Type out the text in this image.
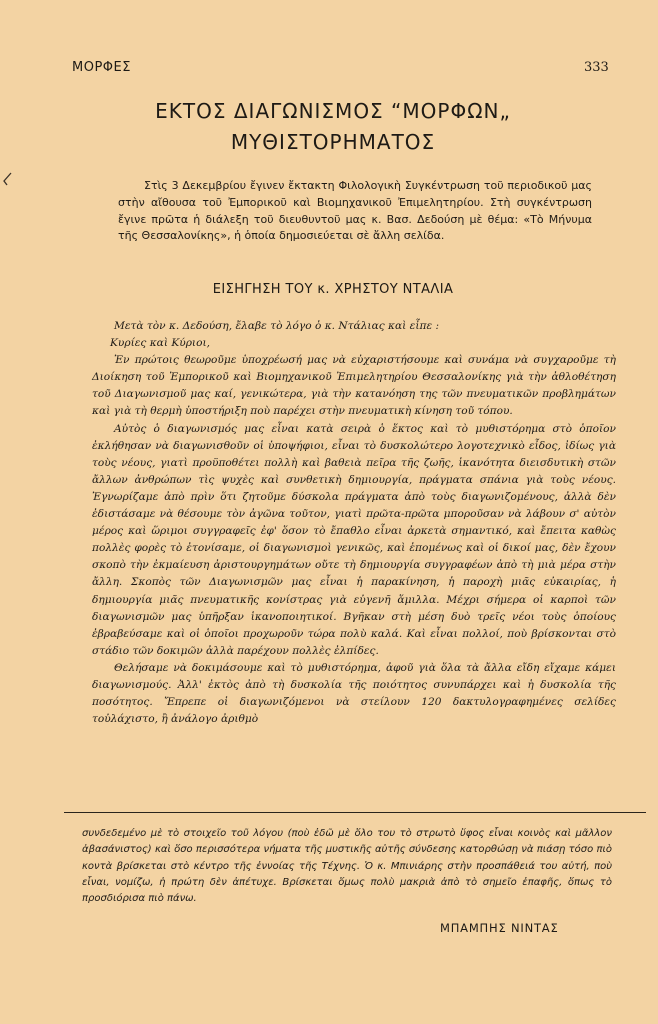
ΜΟΡΦΕΣ	333
ΕΚΤΟΣ ΔΙΑΓΩΝΙΣΜΟΣ “ΜΟΡΦΩΝ„
ΜΥΘΙΣΤΟΡΗΜΑΤΟΣ

Στὶς 3 Δεκεμβρίου ἔγινεν ἔκτακτη Φιλολογικὴ Συγκέντρωση τοῦ περιοδικοῦ μας στὴν αἴθουσα τοῦ Ἐμπορικοῦ καὶ Βιομηχανικοῦ Ἐπιμελητηρίου. Στὴ συγκέντρωση ἔγινε πρῶτα ἡ διάλεξη τοῦ διευθυντοῦ μας κ. Βασ. Δεδούση μὲ θέμα: «Τὸ Μήνυμα τῆς Θεσσαλονίκης», ἡ ὁποία δημοσιεύεται σὲ ἄλλη σελίδα.

ΕΙΣΗΓΗΣΗ ΤΟΥ κ. ΧΡΗΣΤΟΥ ΝΤΑΛΙΑ

Μετὰ τὸν κ. Δεδούση, ἔλαβε τὸ λόγο ὁ κ. Ντάλιας καὶ εἶπε :

Κυρίες καὶ Κύριοι,

Ἐν πρώτοις θεωροῦμε ὑποχρέωσή μας νὰ εὐχαριστήσουμε καὶ συνάμα νὰ συγχαροῦμε τὴ Διοίκηση τοῦ Ἐμπορικοῦ καὶ Βιομηχανικοῦ Ἐπιμελητηρίου Θεσσαλονίκης γιὰ τὴν ἀθλοθέτηση τοῦ Διαγωνισμοῦ μας καί, γενικώτερα, γιὰ τὴν κατανόηση της τῶν πνευματικῶν προβλημάτων καὶ γιὰ τὴ θερμὴ ὑποστήριξη ποὺ παρέχει στὴν πνευματικὴ κίνηση τοῦ τόπου.

Αὐτὸς ὁ διαγωνισμός μας εἶναι κατὰ σειρὰ ὁ ἕκτος καὶ τὸ μυθιστόρημα στὸ ὁποῖον ἐκλήθησαν νὰ διαγωνισθοῦν οἱ ὑποψήφιοι, εἶναι τὸ δυσκολώτερο λογοτεχνικὸ εἶδος, ἰδίως γιὰ τοὺς νέους, γιατὶ προϋποθέτει πολλὴ καὶ βαθειὰ πεῖρα τῆς ζωῆς, ἱκανότητα διεισδυτικὴ στῶν ἄλλων ἀνθρώπων τὶς ψυχὲς καὶ συνθετικὴ δημιουργία, πράγματα σπάνια γιὰ τοὺς νέους. Ἐγνωρίζαμε ἀπὸ πρὶν ὅτι ζητοῦμε δύσκολα πράγματα ἀπὸ τοὺς διαγωνιζομένους, ἀλλὰ δὲν ἐδιστάσαμε νὰ θέσουμε τὸν ἀγῶνα τοῦτον, γιατὶ πρῶτα-πρῶτα μποροῦσαν νὰ λάβουν σ' αὐτὸν μέρος καὶ ὥριμοι συγγραφεῖς ἐφ' ὅσον τὸ ἔπαθλο εἶναι ἀρκετὰ σημαντικό, καὶ ἔπειτα καθὼς πολλὲς φορὲς τὸ ἐτονίσαμε, οἱ διαγωνισμοὶ γενικῶς, καὶ ἑπομένως καὶ οἱ δικοί μας, δὲν ἔχουν σκοπὸ τὴν ἐκμαίευση ἀριστουργημάτων οὔτε τὴ δημιουργία συγγραφέων ἀπὸ τὴ μιὰ μέρα στὴν ἄλλη. Σκοπὸς τῶν Διαγωνισμῶν μας εἶναι ἡ παρακίνηση, ἡ παροχὴ μιᾶς εὐκαιρίας, ἡ δημιουργία μιᾶς πνευματικῆς κονίστρας γιὰ εὐγενῆ ἅμιλλα. Μέχρι σήμερα οἱ καρποὶ τῶν διαγωνισμῶν μας ὑπῆρξαν ἱκανοποιητικοί. Βγῆκαν στὴ μέση δυὸ τρεῖς νέοι τοὺς ὁποίους ἐβραβεύσαμε καὶ οἱ ὁποῖοι προχωροῦν τώρα πολὺ καλά. Καὶ εἶναι πολλοί, ποὺ βρίσκονται στὸ στάδιο τῶν δοκιμῶν ἀλλὰ παρέχουν πολλὲς ἐλπίδες.

Θελήσαμε νὰ δοκιμάσουμε καὶ τὸ μυθιστόρημα, ἀφοῦ γιὰ ὅλα τὰ ἄλλα εἴδη εἴχαμε κάμει διαγωνισμούς. Ἀλλ' ἐκτὸς ἀπὸ τὴ δυσκολία τῆς ποιότητος συνυπάρχει καὶ ἡ δυσκολία τῆς ποσότητος. Ἔπρεπε οἱ διαγωνιζόμενοι νὰ στείλουν 120 δακτυλογραφημένες σελίδες τοὐλάχιστο, ἢ ἀνάλογο ἀριθμὸ

συνδεδεμένο μὲ τὸ στοιχεῖο τοῦ λόγου (ποὺ ἐδῶ μὲ ὅλο του τὸ στρωτὸ ὕφος εἶναι κοινὸς καὶ μᾶλλον ἀβασάνιστος) καὶ ὅσο περισσότερα νήματα τῆς μυστικῆς αὐτῆς σύνδεσης κατορθώσῃ νὰ πιάσῃ τόσο πιὸ κοντὰ βρίσκεται στὸ κέντρο τῆς ἐννοίας τῆς Τέχνης. Ὁ κ. Μπινιάρης στὴν προσπάθειά του αὐτή, ποὺ εἶναι, νομίζω, ἡ πρώτη δὲν ἀπέτυχε. Βρίσκεται ὅμως πολὺ μακριὰ ἀπὸ τὸ σημεῖο ἐπαφῆς, ὅπως τὸ προσδιόρισα πιὸ πάνω.

ΜΠΑΜΠΗΣ ΝΙΝΤΑΣ
